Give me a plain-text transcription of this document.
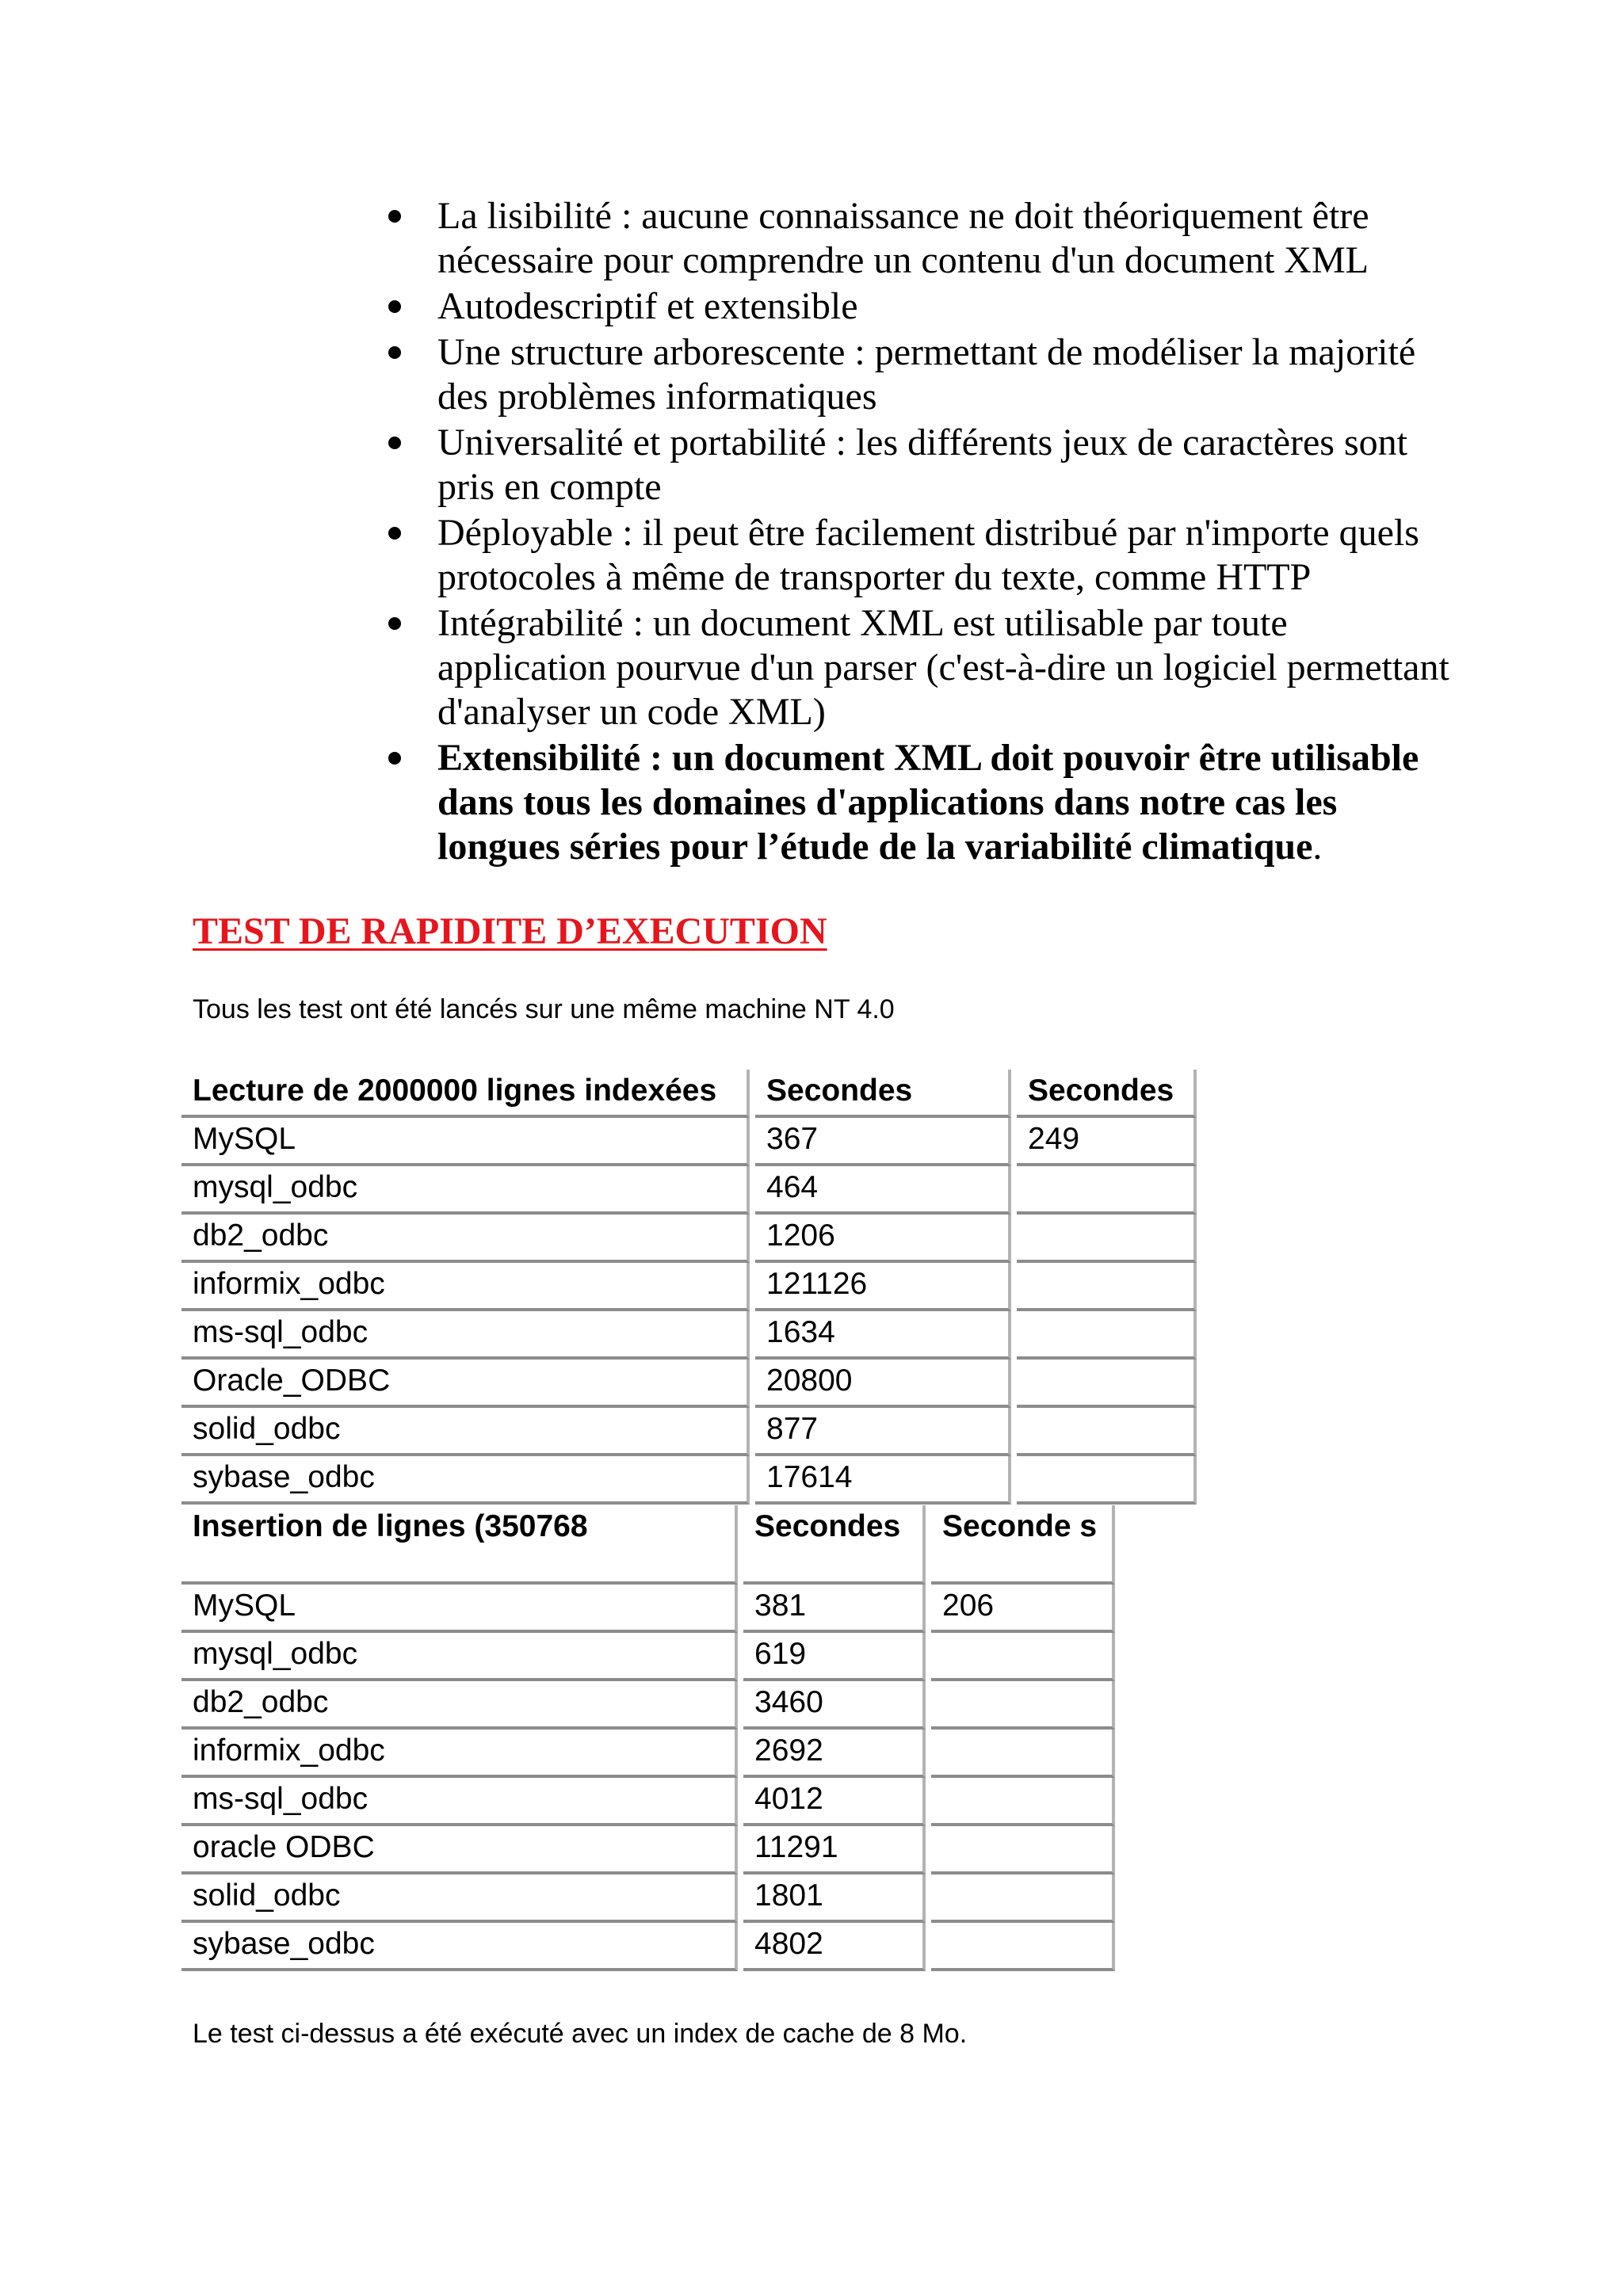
La lisibilité : aucune connaissance ne doit théoriquement être nécessaire pour comprendre un contenu d'un document XML
Autodescriptif et extensible
Une structure arborescente : permettant de modéliser la majorité des problèmes informatiques
Universalité et portabilité : les différents jeux de caractères sont pris en compte
Déployable : il peut être facilement distribué par n'importe quels protocoles à même de transporter du texte, comme HTTP
Intégrabilité : un document XML est utilisable par toute application pourvue d'un parser (c'est-à-dire un logiciel permettant d'analyser un code XML)
Extensibilité : un document XML doit pouvoir être utilisable dans tous les domaines d'applications dans notre cas les longues séries pour l’étude de la variabilité climatique.
TEST DE RAPIDITE D’EXECUTION

Tous les test ont été lancés sur une même machine NT 4.0

Lecture de 2000000 lignes indexées	Secondes	Secondes
MySQL	367	249
mysql_odbc	464	
db2_odbc	1206	
informix_odbc	121126	
ms-sql_odbc	1634	
Oracle_ODBC	20800	
solid_odbc	877	
sybase_odbc	17614	
Insertion de lignes (350768	Secondes	Seconde s
MySQL	381	206
mysql_odbc	619	
db2_odbc	3460	
informix_odbc	2692	
ms-sql_odbc	4012	
oracle ODBC	11291	
solid_odbc	1801	
sybase_odbc	4802	

Le test ci-dessus a été exécuté avec un index de cache de 8 Mo.
